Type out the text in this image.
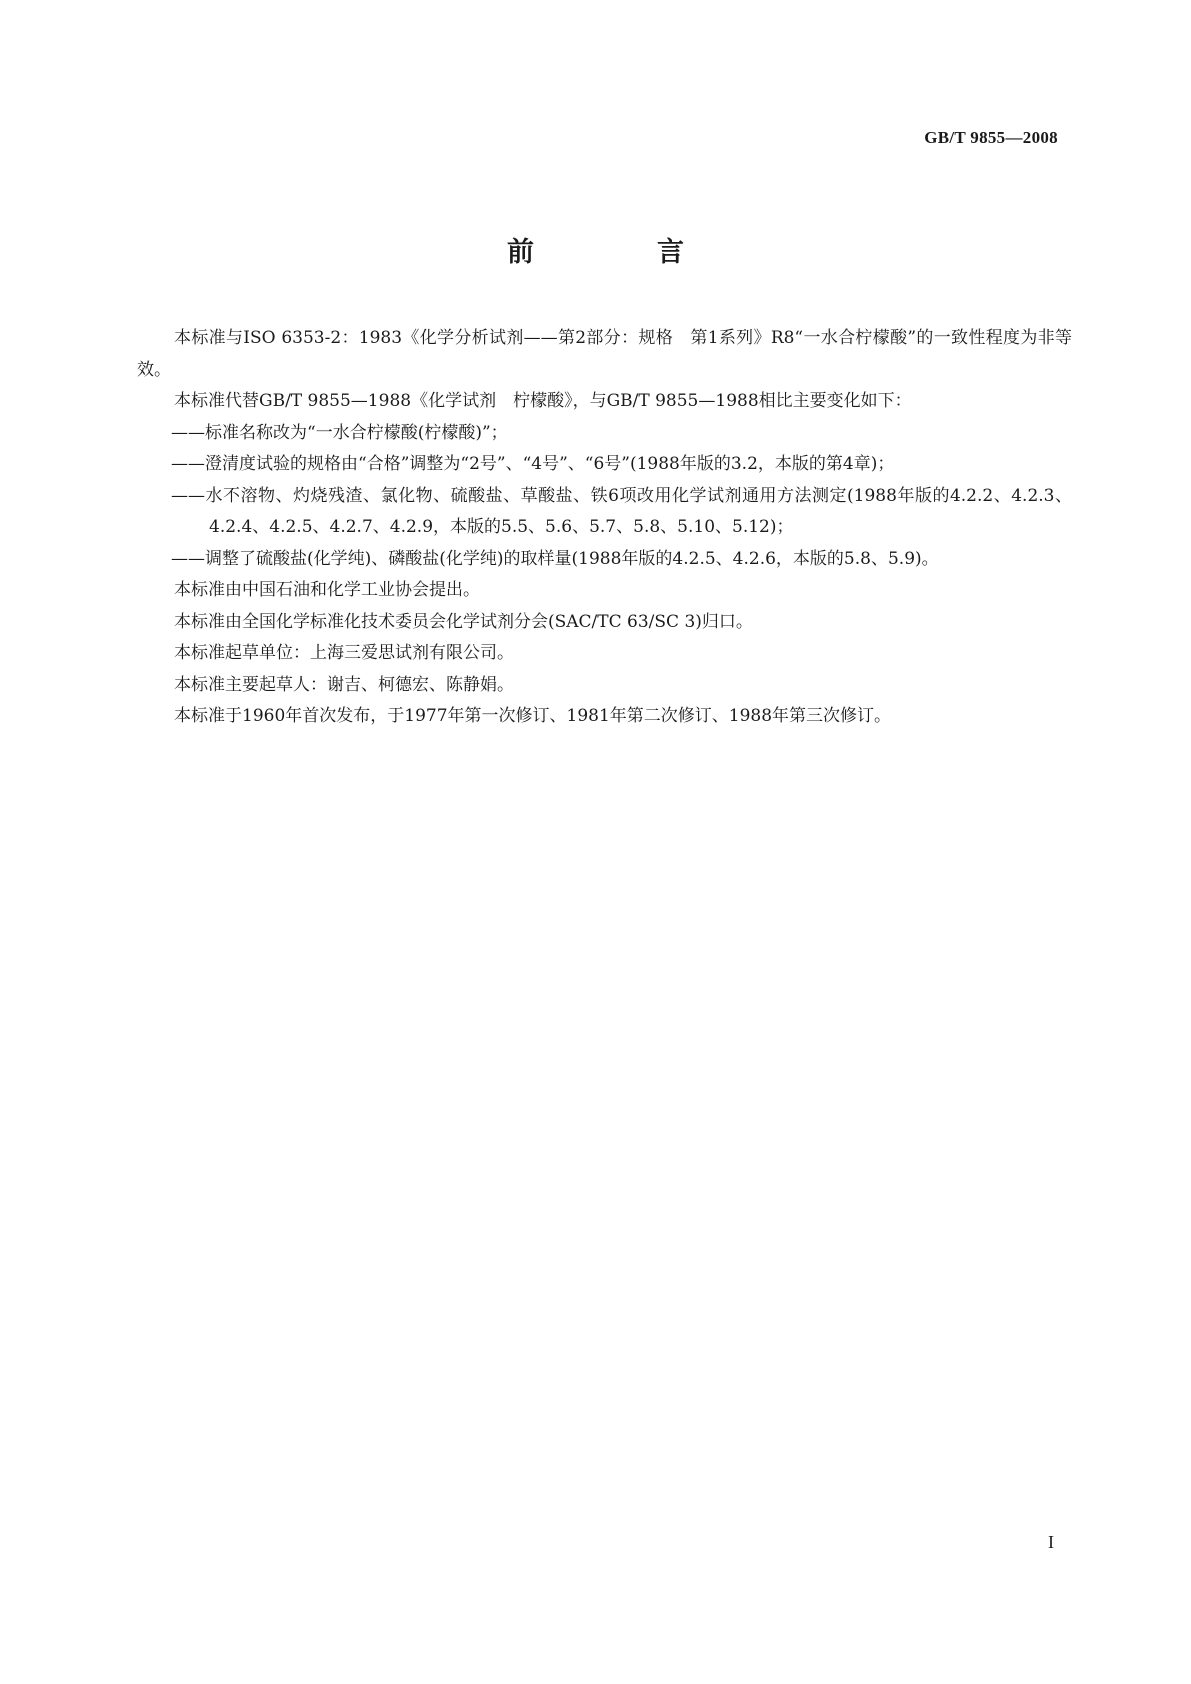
GB/T 9855—2008
前　言

本标准与ISO 6353-2：1983《化学分析试剂——第2部分：规格　第1系列》R8“一水合柠檬酸”的一致性程度为非等效。

本标准代替GB/T 9855—1988《化学试剂　柠檬酸》，与GB/T 9855—1988相比主要变化如下：

——标准名称改为“一水合柠檬酸(柠檬酸)”；

——澄清度试验的规格由“合格”调整为“2号”、“4号”、“6号”(1988年版的3.2，本版的第4章)；

——水不溶物、灼烧残渣、氯化物、硫酸盐、草酸盐、铁6项改用化学试剂通用方法测定(1988年版的4.2.2、4.2.3、4.2.4、4.2.5、4.2.7、4.2.9，本版的5.5、5.6、5.7、5.8、5.10、5.12)；

——调整了硫酸盐(化学纯)、磷酸盐(化学纯)的取样量(1988年版的4.2.5、4.2.6，本版的5.8、5.9)。

本标准由中国石油和化学工业协会提出。

本标准由全国化学标准化技术委员会化学试剂分会(SAC/TC 63/SC 3)归口。

本标准起草单位：上海三爱思试剂有限公司。

本标准主要起草人：谢吉、柯德宏、陈静娟。

本标准于1960年首次发布，于1977年第一次修订、1981年第二次修订、1988年第三次修订。

I
